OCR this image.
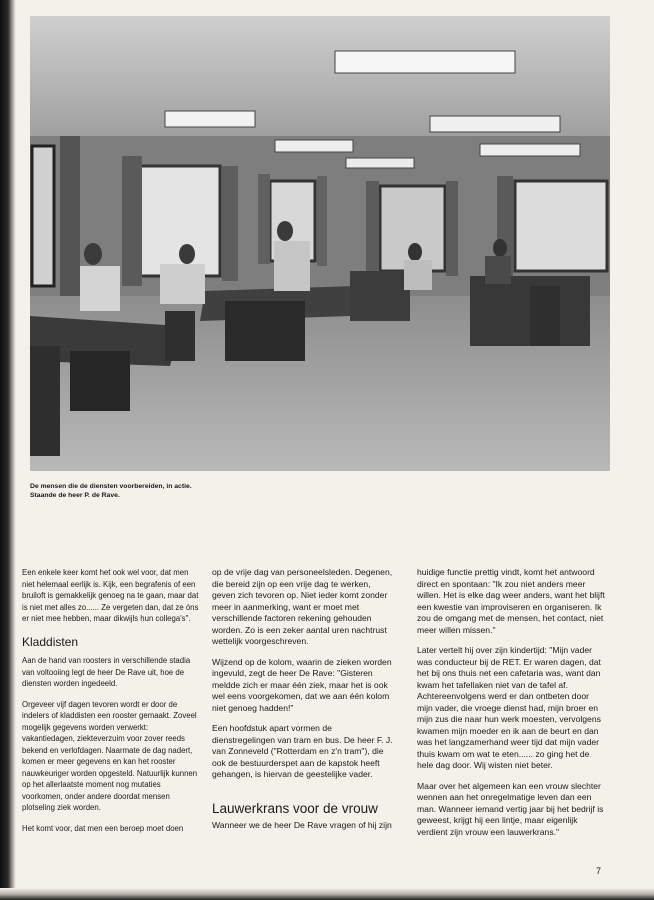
De mensen die de diensten voorbereiden, in actie.
Staande de heer P. de Rave.

Een enkele keer komt het ook wel voor, dat men niet helemaal eerlijk is. Kijk, een begrafenis of een bruiloft is gemakkelijk genoeg na te gaan, maar dat is niet met alles zo...... Ze vergeten dan, dat ze óns er niet mee hebben, maar dikwijls hun collega's".

Kladdisten

Aan de hand van roosters in verschillende stadia van voltooiing legt de heer De Rave uit, hoe de diensten worden ingedeeld.

Orgeveer vijf dagen tevoren wordt er door de indelers of kladdisten een rooster gemaakt. Zoveel mogelijk gegevens worden verwerkt: vakantiedagen, ziekteverzuim voor zover reeds bekend en verlofdagen. Naarmate de dag nadert, komen er meer gegevens en kan het rooster nauwkeuriger worden opgesteld. Natuurlijk kunnen op het allerlaatste moment nog mutaties voorkomen, onder andere doordat mensen plotseling ziek worden.

Het komt voor, dat men een beroep moet doen

op de vrije dag van personeelsleden. Degenen, die bereid zijn op een vrije dag te werken, geven zich tevoren op. Niet ieder komt zonder meer in aanmerking, want er moet met verschillende factoren rekening gehouden worden. Zo is een zeker aantal uren nachtrust wettelijk voorgeschreven.

Wijzend op de kolom, waarin de zieken worden ingevuld, zegt de heer De Rave: "Gisteren meldde zich er maar één ziek, maar het is ook wel eens voorgekomen, dat we aan één kolom niet genoeg hadden!"

Een hoofdstuk apart vormen de dienstregelingen van tram en bus. De heer F. J. van Zonneveld ("Rotterdam en z'n tram"), die ook de bestuurderspet aan de kapstok heeft gehangen, is hiervan de geestelijke vader.

Lauwerkrans voor de vrouw

Wanneer we de heer De Rave vragen of hij zijn

huidige functie prettig vindt, komt het antwoord direct en spontaan: "Ik zou niet anders meer willen. Het is elke dag weer anders, want het blijft een kwestie van improviseren en organiseren. Ik zou de omgang met de mensen, het contact, niet meer willen missen."

Later vertelt hij over zijn kindertijd: "Mijn vader was conducteur bij de RET. Er waren dagen, dat het bij ons thuis net een cafetaria was, want dan kwam het tafellaken niet van de tafel af. Achtereenvolgens werd er dan ontbeten door mijn vader, die vroege dienst had, mijn broer en mijn zus die naar hun werk moesten, vervolgens kwamen mijn moeder en ik aan de beurt en dan was het langzamerhand weer tijd dat mijn vader thuis kwam om wat te eten...... zo ging het de hele dag door. Wij wisten niet beter.

Maar over het algemeen kan een vrouw slechter wennen aan het onregelmatige leven dan een man. Wanneer iemand vertig jaar bij het bedrijf is geweest, krijgt hij een lintje, maar eigenlijk verdient zijn vrouw een lauwerkrans."

7
